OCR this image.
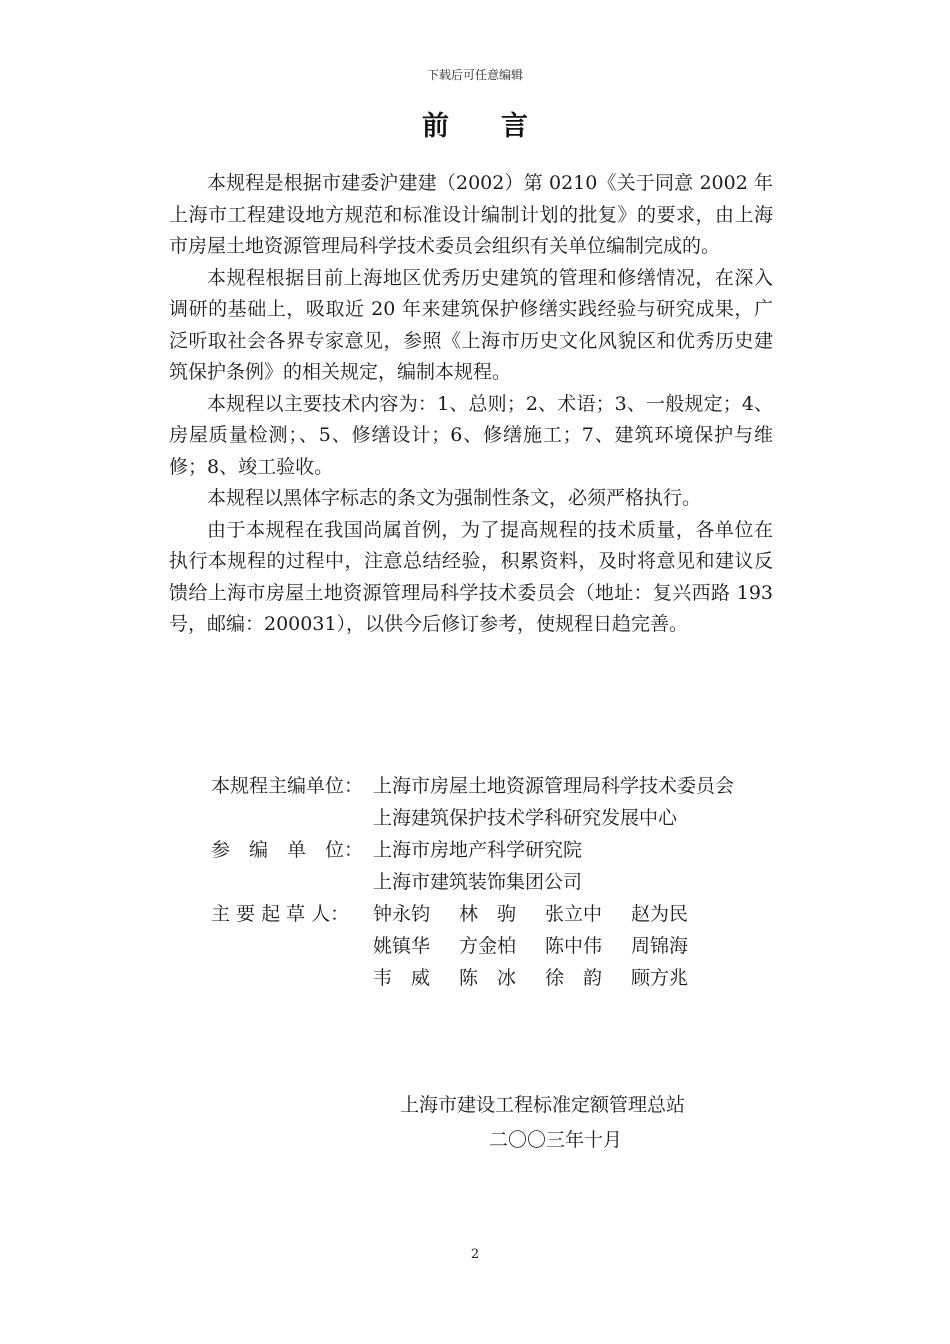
下载后可任意编辑
前言

本规程是根据市建委沪建建（2002）第 0210《关于同意 2002 年上海市工程建设地方规范和标准设计编制计划的批复》的要求，由上海市房屋土地资源管理局科学技术委员会组织有关单位编制完成的。

本规程根据目前上海地区优秀历史建筑的管理和修缮情况，在深入调研的基础上，吸取近 20 年来建筑保护修缮实践经验与研究成果，广泛听取社会各界专家意见，参照《上海市历史文化风貌区和优秀历史建筑保护条例》的相关规定，编制本规程。

本规程以主要技术内容为：1、总则；2、术语；3、一般规定；4、房屋质量检测；、5、修缮设计；6、修缮施工；7、建筑环境保护与维修；8、竣工验收。

本规程以黑体字标志的条文为强制性条文，必须严格执行。

由于本规程在我国尚属首例，为了提高规程的技术质量，各单位在执行本规程的过程中，注意总结经验，积累资料，及时将意见和建议反馈给上海市房屋土地资源管理局科学技术委员会（地址：复兴西路 193 号，邮编：200031），以供今后修订参考，使规程日趋完善。

本规程主编单位： 上海市房屋土地资源管理局科学技术委员会
上海建筑保护技术学科研究发展中心
参　编　单　位： 上海市房地产科学研究院
上海市建筑装饰集团公司
主 要 起 草 人：	钟永钧	林　驹	张立中	赵为民
姚镇华	方金柏	陈中伟	周锦海
韦　威	陈　冰	徐　韵	顾方兆
上海市建设工程标准定额管理总站
二〇〇三年十月
2
